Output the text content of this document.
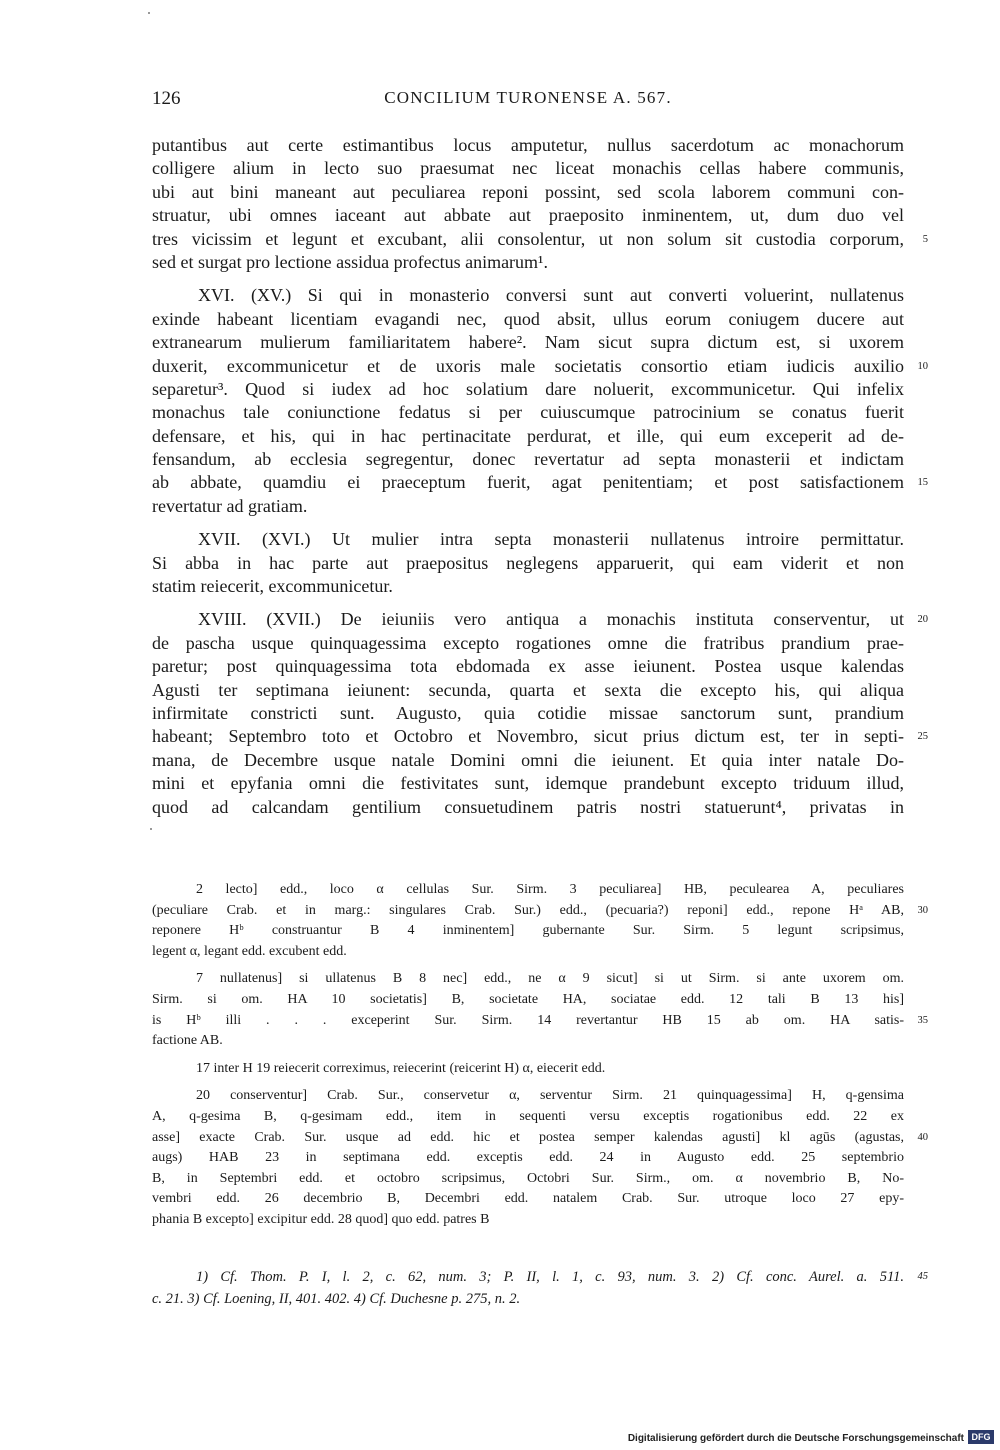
126	CONCILIUM TURONENSE A. 567.
putantibus aut certe estimantibus locus amputetur, nullus sacerdotum ac monachorum
colligere alium in lecto suo praesumat nec liceat monachis cellas habere communis,
ubi aut bini maneant aut peculiarea reponi possint, sed scola laborem communi con-
struatur, ubi omnes iaceant aut abbate aut praeposito inminentem, ut, dum duo vel
tres vicissim et legunt et excubant, alii consolentur, ut non solum sit custodia corporum,	5
sed et surgat pro lectione assidua profectus animarum¹.
XVI. (XV.) Si qui in monasterio conversi sunt aut converti voluerint, nullatenus
exinde habeant licentiam evagandi nec, quod absit, ullus eorum coniugem ducere aut
extranearum mulierum familiaritatem habere². Nam sicut supra dictum est, si uxorem
duxerit, excommunicetur et de uxoris male societatis consortio etiam iudicis auxilio	10
separetur³. Quod si iudex ad hoc solatium dare noluerit, excommunicetur. Qui infelix
monachus tale coniunctione fedatus si per cuiuscumque patrocinium se conatus fuerit
defensare, et his, qui in hac pertinacitate perdurat, et ille, qui eum exceperit ad de-
fensandum, ab ecclesia segregentur, donec revertatur ad septa monasterii et indictam
ab abbate, quamdiu ei praeceptum fuerit, agat penitentiam; et post satisfactionem	15
revertatur ad gratiam.
XVII. (XVI.) Ut mulier intra septa monasterii nullatenus introire permittatur.
Si abba in hac parte aut praepositus neglegens apparuerit, qui eam viderit et non
statim reiecerit, excommunicetur.
XVIII. (XVII.) De ieiuniis vero antiqua a monachis instituta conserventur, ut	20
de pascha usque quinquagessima excepto rogationes omne die fratribus prandium prae-
paretur; post quinquagessima tota ebdomada ex asse ieiunent. Postea usque kalendas
Agusti ter septimana ieiunent: secunda, quarta et sexta die excepto his, qui aliqua
infirmitate constricti sunt. Augusto, quia cotidie missae sanctorum sunt, prandium
habeant; Septembro toto et Octobro et Novembro, sicut prius dictum est, ter in septi-	25
mana, de Decembre usque natale Domini omni die ieiunent. Et quia inter natale Do-
mini et epyfania omni die festivitates sunt, idemque prandebunt excepto triduum illud,
quod ad calcandam gentilium consuetudinem patris nostri statuerunt⁴, privatas in
2 lecto] edd., loco α cellulas Sur. Sirm. 3 peculiarea] HB, peculearea A, peculiares
(peculiare Crab. et in marg.: singulares Crab. Sur.) edd., (pecuaria?) reponi] edd., repone Hᵃ AB,	30
reponere Hᵇ construantur B 4 inminentem] gubernante Sur. Sirm. 5 legunt scripsimus,
legent α, legant edd. excubent edd.
7 nullatenus] si ullatenus B 8 nec] edd., ne α 9 sicut] si ut Sirm. si ante uxorem om.
Sirm. si om. HA 10 societatis] B, societate HA, sociatae edd. 12 tali B 13 his]
is Hᵇ illi . . . exceperint Sur. Sirm. 14 revertantur HB 15 ab om. HA satis-	35
factione AB.
17 inter H 19 reiecerit correximus, reiecerint (reicerint H) α, eiecerit edd.
20 conserventur] Crab. Sur., conservetur α, serventur Sirm. 21 quinquagessima] H, q-gensima
A, q-gesima B, q-gesimam edd., item in sequenti versu exceptis rogationibus edd. 22 ex
asse] exacte Crab. Sur. usque ad edd. hic et postea semper kalendas agusti] kl agūs (agustas,	40
augs) HAB 23 in septimana edd. exceptis edd. 24 in Augusto edd. 25 septembrio
B, in Septembri edd. et octobro scripsimus, Octobri Sur. Sirm., om. α novembrio B, No-
vembri edd. 26 decembrio B, Decembri edd. natalem Crab. Sur. utroque loco 27 epy-
phania B excepto] excipitur edd. 28 quod] quo edd. patres B
1) Cf. Thom. P. I, l. 2, c. 62, num. 3; P. II, l. 1, c. 93, num. 3. 2) Cf. conc. Aurel. a. 511.	45
c. 21. 3) Cf. Loening, II, 401. 402. 4) Cf. Duchesne p. 275, n. 2.
Digitalisierung gefördert durch die Deutsche Forschungsgemeinschaft DFG
